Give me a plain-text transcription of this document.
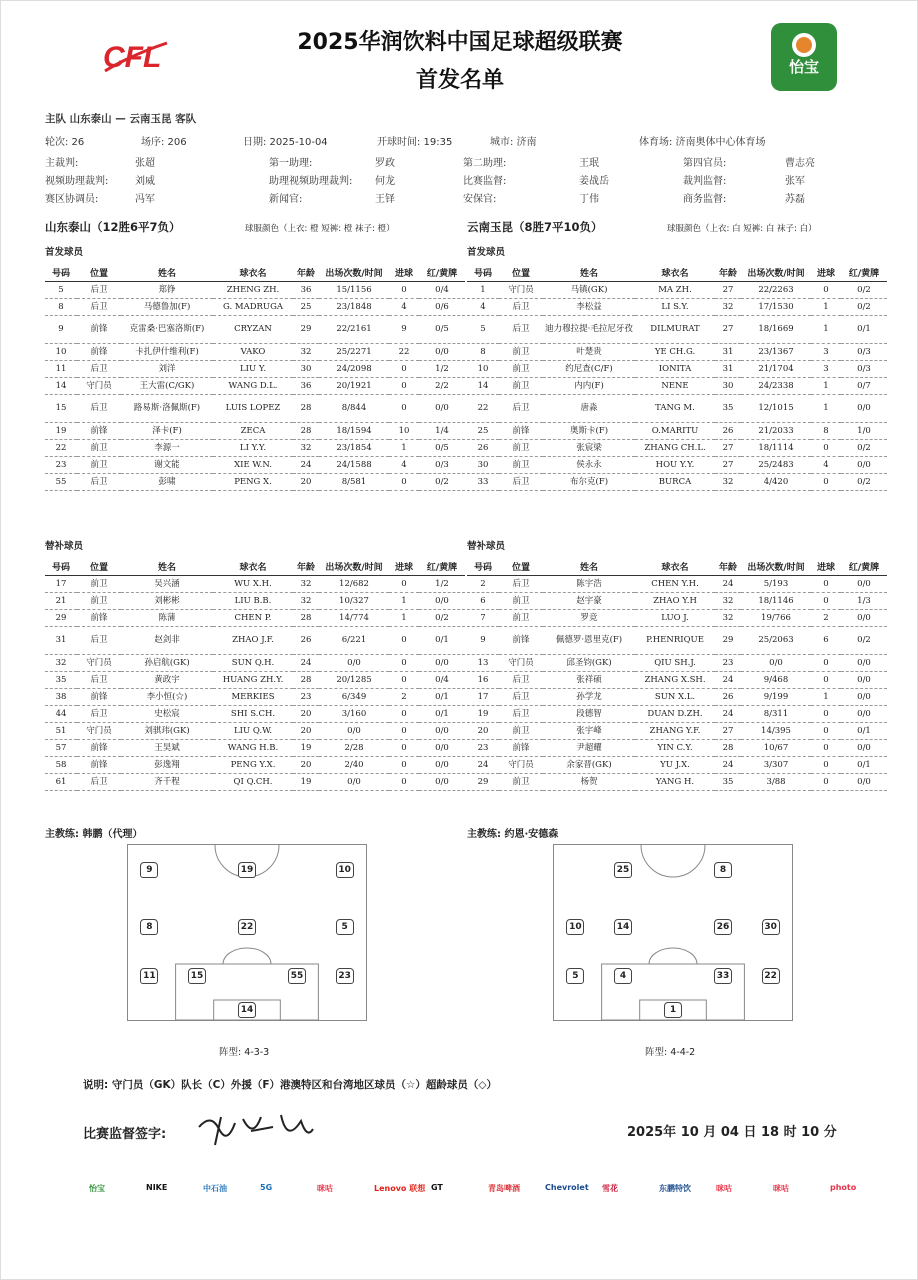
CFL	怡宝
2025华润饮料中国足球超级联赛
首发名单
主队 山东泰山 — 云南玉昆 客队
轮次: 26	场序: 206	日期: 2025-10-04	开球时间: 19:35	城市: 济南	体育场: 济南奥体中心体育场
主裁判:	张超	第一助理:	罗政	第二助理:	王珉	第四官员:	曹志亮
视频助理裁判:	刘威	助理视频助理裁判: 何龙	比赛监督:	姜战岳	裁判监督:	张军
赛区协调员:	冯军	新闻官:	王铎	安保官:	丁伟	商务监督:	苏磊
山东泰山（12胜6平7负）	球服颜色（上衣: 橙 短裤: 橙 袜子: 橙）	云南玉昆（8胜7平10负）	球服颜色（上衣: 白 短裤: 白 袜子: 白）
首发球员	首发球员
号码	位置	姓名	球衣名	年龄	出场次数/时间	进球	红/黄牌
5	后卫	郑铮	ZHENG ZH.	36	15/1156	0	0/4
8	后卫	马德鲁加(F)	G. MADRUGA	25	23/1848	4	0/6
9	前锋	克雷桑·巴塞洛斯(F)	CRYZAN	29	22/2161	9	0/5
10	前锋	卡扎伊什维利(F)	VAKO	32	25/2271	22	0/0
11	后卫	刘洋	LIU Y.	30	24/2098	0	1/2
14	守门员	王大雷(C/GK)	WANG D.L.	36	20/1921	0	2/2
15	后卫	路易斯·洛佩斯(F)	LUIS LOPEZ	28	8/844	0	0/0
19	前锋	泽卡(F)	ZECA	28	18/1594	10	1/4
22	前卫	李源一	LI Y.Y.	32	23/1854	1	0/5
23	前卫	谢文能	XIE W.N.	24	24/1588	4	0/3
55	后卫	彭啸	PENG X.	20	8/581	0	0/2
号码	位置	姓名	球衣名	年龄	出场次数/时间	进球	红/黄牌
1	守门员	马镇(GK)	MA ZH.	27	22/2263	0	0/2
4	后卫	李松益	LI S.Y.	32	17/1530	1	0/2
5	后卫	迪力穆拉提·毛拉尼牙孜	DILMURAT	27	18/1669	1	0/1
8	前卫	叶楚贵	YE CH.G.	31	23/1367	3	0/3
10	前卫	约尼查(C/F)	IONITA	31	21/1704	3	0/3
14	前卫	内内(F)	NENE	30	24/2338	1	0/7
22	后卫	唐淼	TANG M.	35	12/1015	1	0/0
25	前锋	奥斯卡(F)	O.MARITU	26	21/2033	8	1/0
26	前卫	张宸梁	ZHANG CH.L.	27	18/1114	0	0/2
30	前卫	侯永永	HOU Y.Y.	27	25/2483	4	0/0
33	后卫	布尔克(F)	BURCA	32	4/420	0	0/2
替补球员	替补球员
号码	位置	姓名	球衣名	年龄	出场次数/时间	进球	红/黄牌
17	前卫	吴兴涵	WU X.H.	32	12/682	0	1/2
21	前卫	刘彬彬	LIU B.B.	32	10/327	1	0/0
29	前锋	陈蒲	CHEN P.	28	14/774	1	0/2
31	后卫	赵剑非	ZHAO J.F.	26	6/221	0	0/1
32	守门员	孙启航(GK)	SUN Q.H.	24	0/0	0	0/0
35	后卫	黄政宇	HUANG ZH.Y.	28	20/1285	0	0/4
38	前锋	李小恒(☆)	MERKIES	23	6/349	2	0/1
44	后卫	史松宸	SHI S.CH.	20	3/160	0	0/1
51	守门员	刘骐玮(GK)	LIU Q.W.	20	0/0	0	0/0
57	前锋	王昊斌	WANG H.B.	19	2/28	0	0/0
58	前锋	彭逸翔	PENG Y.X.	20	2/40	0	0/0
61	后卫	齐千程	QI Q.CH.	19	0/0	0	0/0
号码	位置	姓名	球衣名	年龄	出场次数/时间	进球	红/黄牌
2	后卫	陈宇浩	CHEN Y.H.	24	5/193	0	0/0
6	前卫	赵宇豪	ZHAO Y.H	32	18/1146	0	1/3
7	前卫	罗竞	LUO J.	32	19/766	2	0/0
9	前锋	佩德罗·恩里克(F)	P.HENRIQUE	29	25/2063	6	0/2
13	守门员	邱圣钧(GK)	QIU SH.J.	23	0/0	0	0/0
16	后卫	张祥硕	ZHANG X.SH.	24	9/468	0	0/0
17	后卫	孙学龙	SUN X.L.	26	9/199	1	0/0
19	后卫	段德智	DUAN D.ZH.	24	8/311	0	0/0
20	前卫	张宇峰	ZHANG Y.F.	27	14/395	0	0/1
23	前锋	尹超耀	YIN C.Y.	28	10/67	0	0/0
24	守门员	余家晋(GK)	YU J.X.	24	3/307	0	0/1
29	前卫	杨贺	YANG H.	35	3/88	0	0/0
主教练: 韩鹏（代理）	主教练: 约恩·安德森
9	19	10
8	22	5
11	15	55	23
14
25	8
10	14	26	30
5	4	33	22
1
阵型: 4-3-3	阵型: 4-4-2
说明: 守门员（GK）队长（C）外援（F）港澳特区和台湾地区球员（☆）超龄球员（◇）
比赛监督签字:	2025年 10 月 04 日 18 时 10 分
怡宝	NIKE	中石油	5G	咪咕	Lenovo 联想 GT	青岛啤酒	Chevrolet 雪花	东鹏特饮	咪咕	咪咕	photo
